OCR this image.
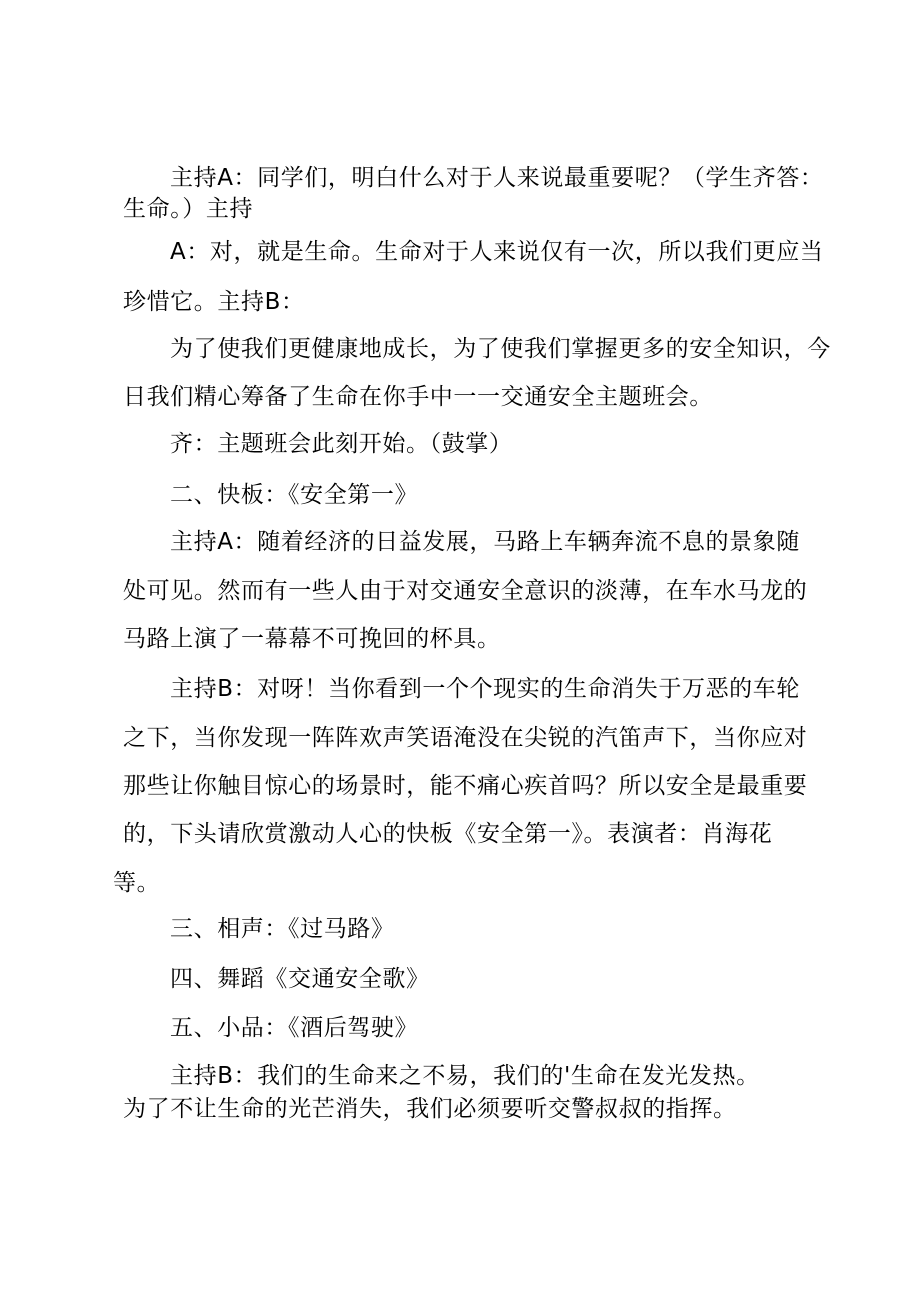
主持A：同学们，明白什么对于人来说最重要呢？（学生齐答：
生命。）主持
A：对，就是生命。生命对于人来说仅有一次，所以我们更应当
珍惜它。主持B：
为了使我们更健康地成长，为了使我们掌握更多的安全知识，今
日我们精心筹备了生命在你手中一一交通安全主题班会。
齐：主题班会此刻开始。（鼓掌）
二、快板：《安全第一》
主持A：随着经济的日益发展，马路上车辆奔流不息的景象随
处可见。然而有一些人由于对交通安全意识的淡薄，在车水马龙的
马路上演了一幕幕不可挽回的杯具。
主持B：对呀！当你看到一个个现实的生命消失于万恶的车轮
之下，当你发现一阵阵欢声笑语淹没在尖锐的汽笛声下，当你应对
那些让你触目惊心的场景时，能不痛心疾首吗？所以安全是最重要
的，下头请欣赏激动人心的快板《安全第一》。表演者：肖海花
等。
三、相声：《过马路》
四、舞蹈《交通安全歌》
五、小品：《酒后驾驶》
主持B：我们的生命来之不易，我们的'生命在发光发热。
为了不让生命的光芒消失，我们必须要听交警叔叔的指挥。
